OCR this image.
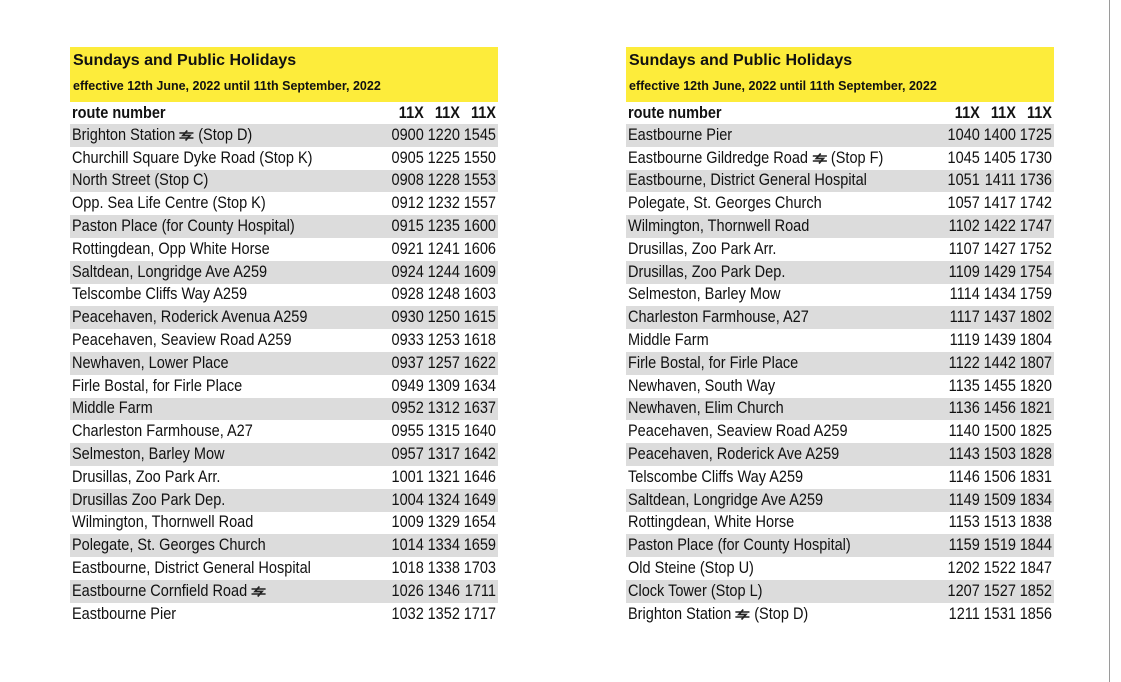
Sundays and Public Holidays
effective 12th June, 2022 until 11th September, 2022
route number	11X 11X 11X
Brighton Station (Stop D)	0900 1220 1545
Churchill Square Dyke Road (Stop K)	0905 1225 1550
North Street (Stop C)	0908 1228 1553
Opp. Sea Life Centre (Stop K)	0912 1232 1557
Paston Place (for County Hospital)	0915 1235 1600
Rottingdean, Opp White Horse	0921 1241 1606
Saltdean, Longridge Ave A259	0924 1244 1609
Telscombe Cliffs Way A259	0928 1248 1603
Peacehaven, Roderick Avenua A259	0930 1250 1615
Peacehaven, Seaview Road A259	0933 1253 1618
Newhaven, Lower Place	0937 1257 1622
Firle Bostal, for Firle Place	0949 1309 1634
Middle Farm	0952 1312 1637
Charleston Farmhouse, A27	0955 1315 1640
Selmeston, Barley Mow	0957 1317 1642
Drusillas, Zoo Park Arr.	1001 1321 1646
Drusillas Zoo Park Dep.	1004 1324 1649
Wilmington, Thornwell Road	1009 1329 1654
Polegate, St. Georges Church	1014 1334 1659
Eastbourne, District General Hospital	1018 1338 1703
Eastbourne Cornfield Road	1026 1346 1711
Eastbourne Pier	1032 1352 1717
Sundays and Public Holidays
effective 12th June, 2022 until 11th September, 2022
route number	11X 11X 11X
Eastbourne Pier	1040 1400 1725
Eastbourne Gildredge Road (Stop F)	1045 1405 1730
Eastbourne, District General Hospital	1051 1411 1736
Polegate, St. Georges Church	1057 1417 1742
Wilmington, Thornwell Road	1102 1422 1747
Drusillas, Zoo Park Arr.	1107 1427 1752
Drusillas, Zoo Park Dep.	1109 1429 1754
Selmeston, Barley Mow	1114 1434 1759
Charleston Farmhouse, A27	1117 1437 1802
Middle Farm	1119 1439 1804
Firle Bostal, for Firle Place	1122 1442 1807
Newhaven, South Way	1135 1455 1820
Newhaven, Elim Church	1136 1456 1821
Peacehaven, Seaview Road A259	1140 1500 1825
Peacehaven, Roderick Ave A259	1143 1503 1828
Telscombe Cliffs Way A259	1146 1506 1831
Saltdean, Longridge Ave A259	1149 1509 1834
Rottingdean, White Horse	1153 1513 1838
Paston Place (for County Hospital)	1159 1519 1844
Old Steine (Stop U)	1202 1522 1847
Clock Tower (Stop L)	1207 1527 1852
Brighton Station (Stop D)	1211 1531 1856
